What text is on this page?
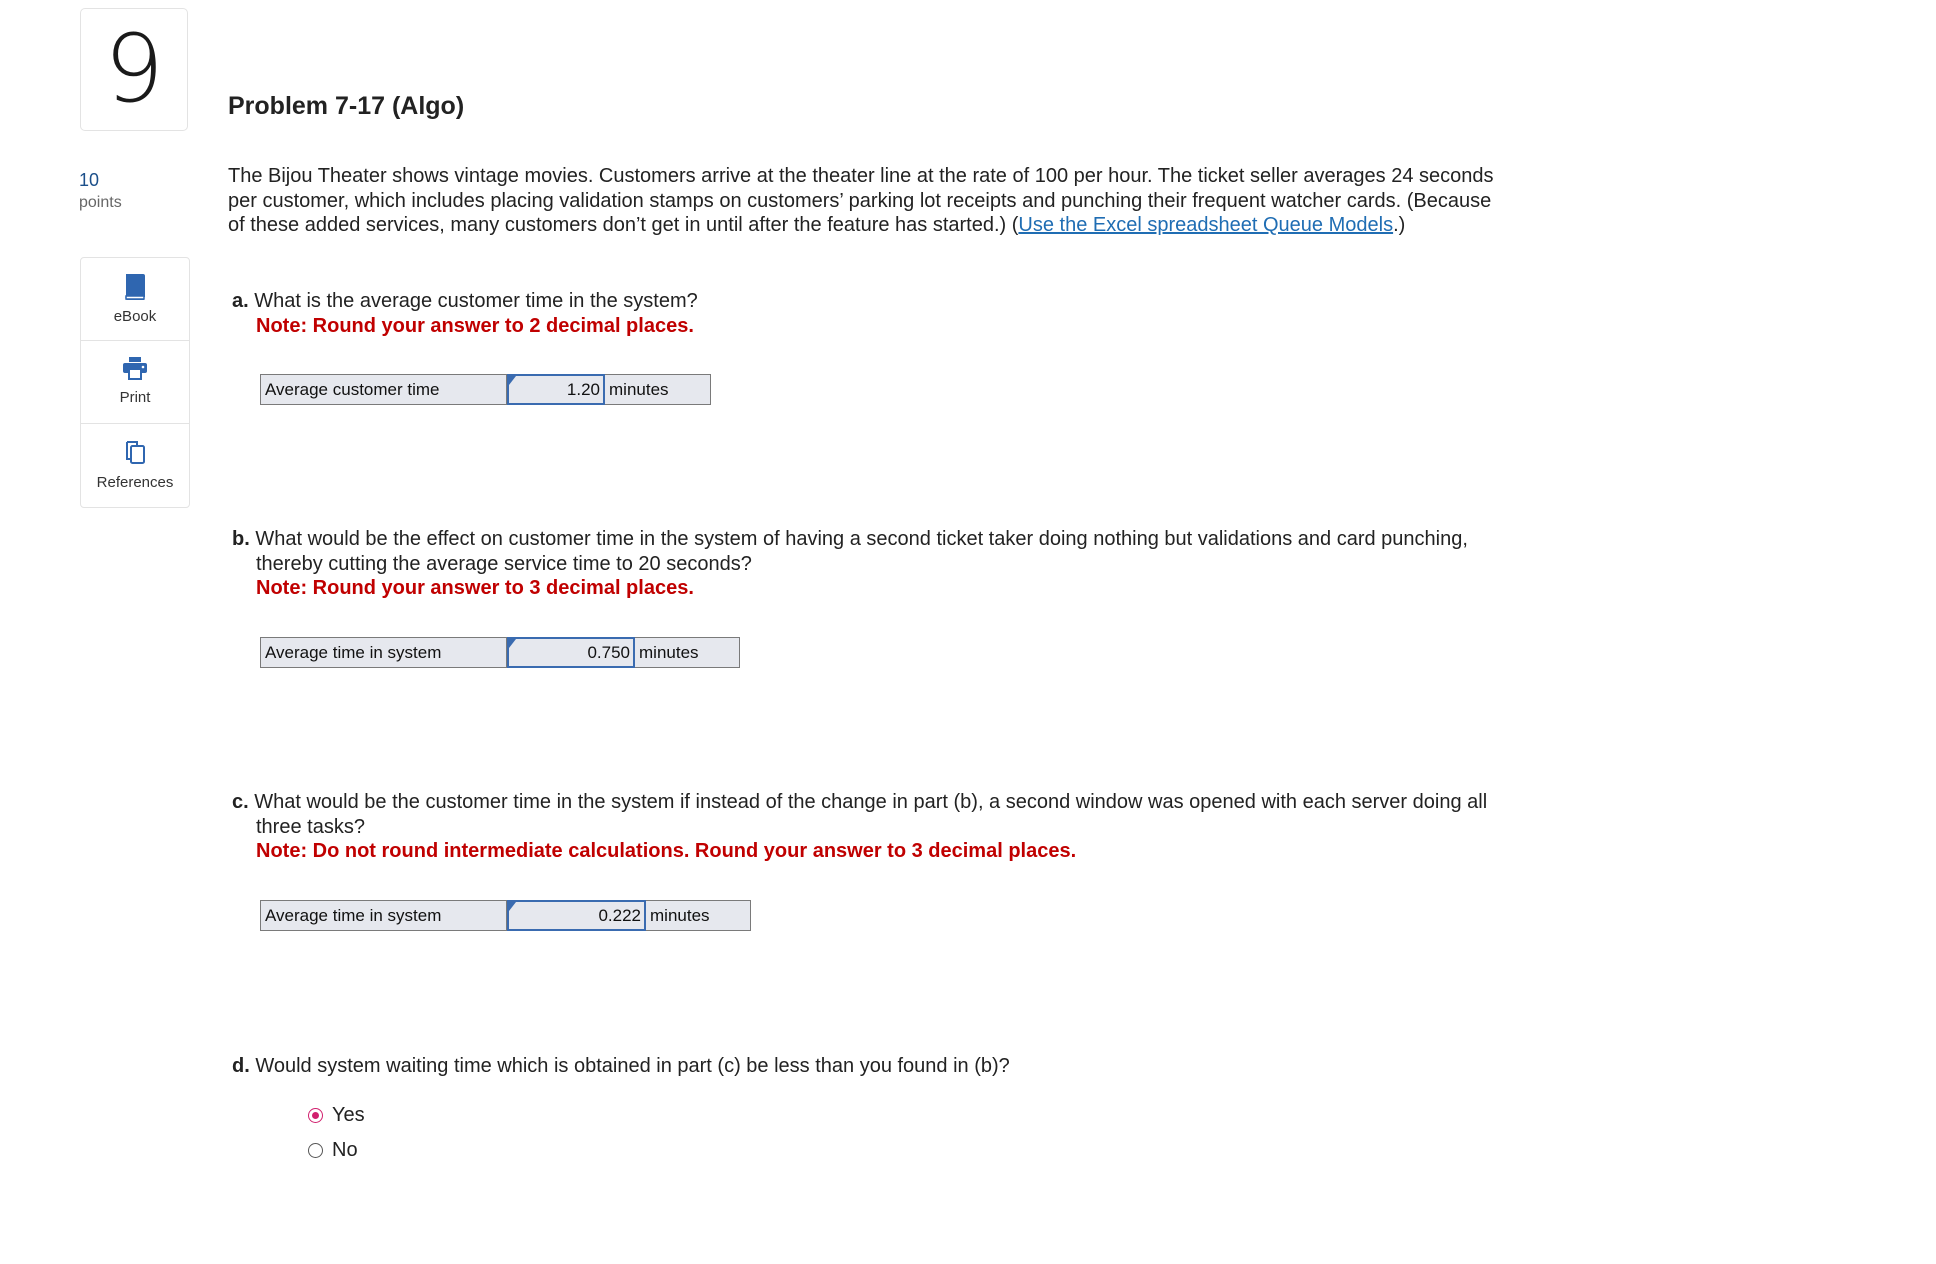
9
10
points
eBook
Print
References
Problem 7-17 (Algo)
The Bijou Theater shows vintage movies. Customers arrive at the theater line at the rate of 100 per hour. The ticket seller averages 24 seconds per customer, which includes placing validation stamps on customers’ parking lot receipts and punching their frequent watcher cards. (Because of these added services, many customers don’t get in until after the feature has started.) (Use the Excel spreadsheet Queue Models.)
a. What is the average customer time in the system?
Note: Round your answer to 2 decimal places.
Average customer time	1.20 minutes
b. What would be the effect on customer time in the system of having a second ticket taker doing nothing but validations and card punching, thereby cutting the average service time to 20 seconds?
Note: Round your answer to 3 decimal places.
Average time in system	0.750 minutes
c. What would be the customer time in the system if instead of the change in part (b), a second window was opened with each server doing all three tasks?
Note: Do not round intermediate calculations. Round your answer to 3 decimal places.
Average time in system	0.222 minutes
d. Would system waiting time which is obtained in part (c) be less than you found in (b)?
Yes
No
